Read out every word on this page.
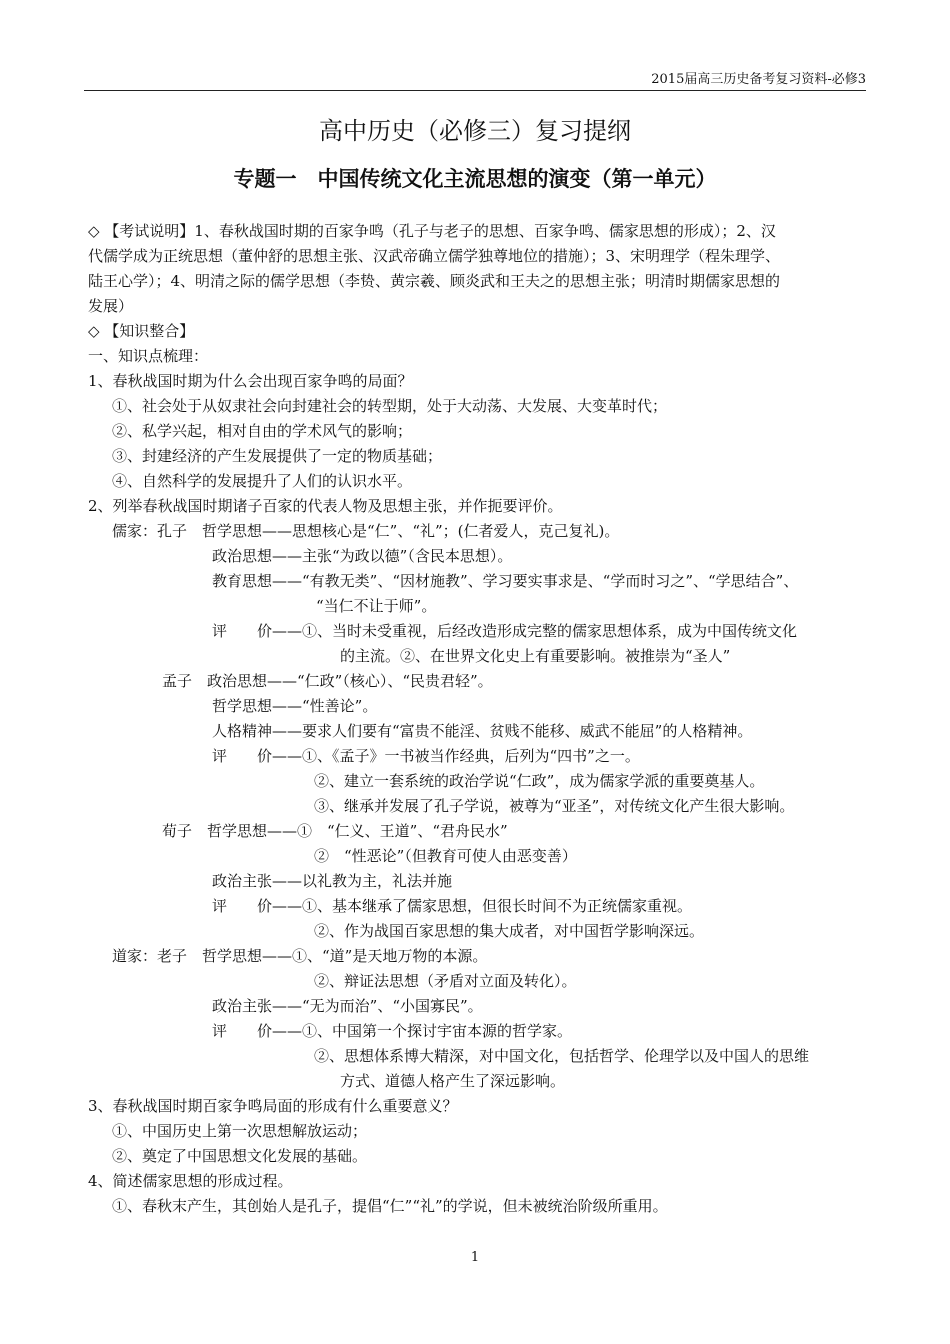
2015届高三历史备考复习资料-必修3
高中历史（必修三）复习提纲
专题一　中国传统文化主流思想的演变（第一单元）
◇ 【考试说明】1、春秋战国时期的百家争鸣（孔子与老子的思想、百家争鸣、儒家思想的形成）；2、汉
代儒学成为正统思想（董仲舒的思想主张、汉武帝确立儒学独尊地位的措施）；3、宋明理学（程朱理学、
陆王心学）；4、明清之际的儒学思想（李贽、黄宗羲、顾炎武和王夫之的思想主张；明清时期儒家思想的
发展）
◇ 【知识整合】
一、知识点梳理：
1、春秋战国时期为什么会出现百家争鸣的局面？
①、社会处于从奴隶社会向封建社会的转型期，处于大动荡、大发展、大变革时代；
②、私学兴起，相对自由的学术风气的影响；
③、封建经济的产生发展提供了一定的物质基础；
④、自然科学的发展提升了人们的认识水平。
2、列举春秋战国时期诸子百家的代表人物及思想主张，并作扼要评价。
儒家：孔子　哲学思想——思想核心是“仁”、“礼”；(仁者爱人，克己复礼)。
政治思想——主张“为政以德”（含民本思想）。
教育思想——“有教无类”、“因材施教”、学习要实事求是、“学而时习之”、“学思结合”、
“当仁不让于师”。
评　　价——①、当时未受重视，后经改造形成完整的儒家思想体系，成为中国传统文化
的主流。②、在世界文化史上有重要影响。被推崇为“圣人”
孟子　政治思想——“仁政”（核心）、“民贵君轻”。
哲学思想——“性善论”。
人格精神——要求人们要有“富贵不能淫、贫贱不能移、威武不能屈”的人格精神。
评　　价——①、《孟子》一书被当作经典，后列为“四书”之一。
②、建立一套系统的政治学说“仁政”，成为儒家学派的重要奠基人。
③、继承并发展了孔子学说，被尊为“亚圣”，对传统文化产生很大影响。
荀子　哲学思想——①　“仁义、王道”、“君舟民水”
②　“性恶论”（但教育可使人由恶变善）
政治主张——以礼教为主，礼法并施
评　　价——①、基本继承了儒家思想，但很长时间不为正统儒家重视。
②、作为战国百家思想的集大成者，对中国哲学影响深远。
道家：老子　哲学思想——①、“道”是天地万物的本源。
②、辩证法思想（矛盾对立面及转化）。
政治主张——“无为而治”、“小国寡民”。
评　　价——①、中国第一个探讨宇宙本源的哲学家。
②、思想体系博大精深，对中国文化，包括哲学、伦理学以及中国人的思维
方式、道德人格产生了深远影响。
3、春秋战国时期百家争鸣局面的形成有什么重要意义？
①、中国历史上第一次思想解放运动；
②、奠定了中国思想文化发展的基础。
4、简述儒家思想的形成过程。
①、春秋末产生，其创始人是孔子，提倡“仁”“礼”的学说，但未被统治阶级所重用。
1
